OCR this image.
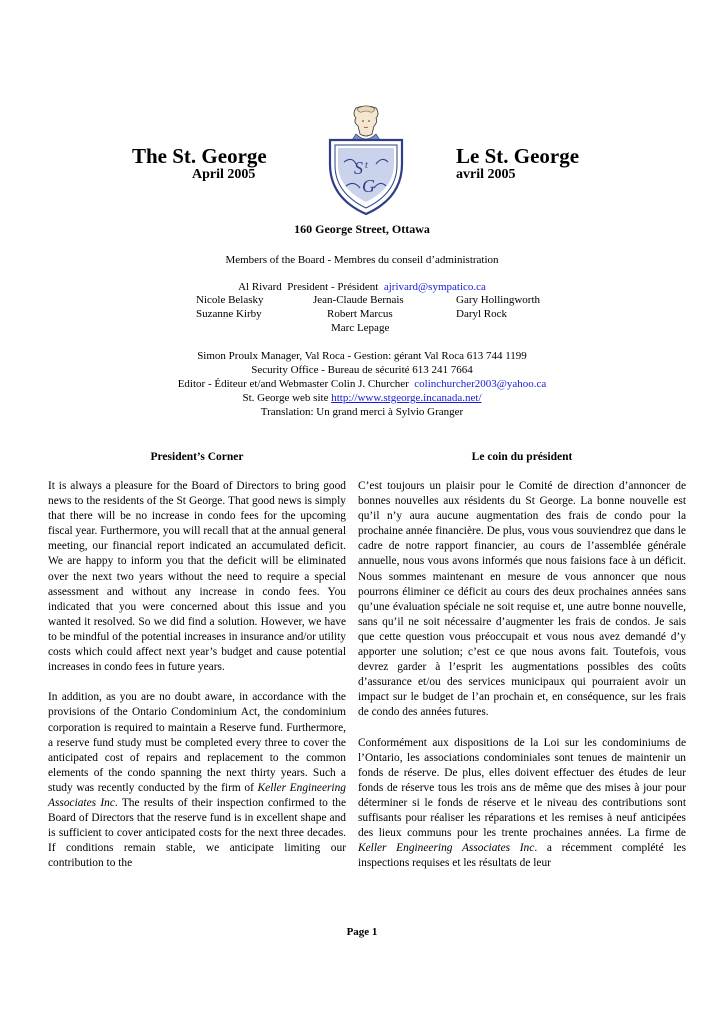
The St. George
April 2005
Le St. George
avril 2005
S t
G
160 George Street, Ottawa
Members of the Board - Membres du conseil d’administration
Al Rivard President - Président ajrivard@sympatico.ca
Nicole Belasky	Jean-Claude Bernais	Gary Hollingworth
Suzanne Kirby	Robert Marcus	Daryl Rock
Marc Lepage
Simon Proulx Manager, Val Roca - Gestion: gérant Val Roca 613 744 1199
Security Office - Bureau de sécurité 613 241 7664
Editor - Éditeur et/and Webmaster Colin J. Churcher colinchurcher2003@yahoo.ca
St. George web site http://www.stgeorge.incanada.net/
Translation: Un grand merci à Sylvio Granger
President’s Corner	Le coin du président

It is always a pleasure for the Board of Directors to bring good news to the residents of the St George. That good news is simply that there will be no increase in condo fees for the upcoming fiscal year. Furthermore, you will recall that at the annual general meeting, our financial report indicated an accumulated deficit. We are happy to inform you that the deficit will be eliminated over the next two years without the need to require a special assessment and without any increase in condo fees. You indicated that you were concerned about this issue and you wanted it resolved. So we did find a solution. However, we have to be mindful of the potential increases in insurance and/or utility costs which could affect next year’s budget and cause potential increases in condo fees in future years.

In addition, as you are no doubt aware, in accordance with the provisions of the Ontario Condominium Act, the condominium corporation is required to maintain a Reserve fund. Furthermore, a reserve fund study must be completed every three to cover the anticipated cost of repairs and replacement to the common elements of the condo spanning the next thirty years. Such a study was recently conducted by the firm of Keller Engineering Associates Inc. The results of their inspection confirmed to the Board of Directors that the reserve fund is in excellent shape and is sufficient to cover anticipated costs for the next three decades. If conditions remain stable, we anticipate limiting our contribution to the

C’est toujours un plaisir pour le Comité de direction d’annoncer de bonnes nouvelles aux résidents du St George. La bonne nouvelle est qu’il n’y aura aucune augmentation des frais de condo pour la prochaine année financière. De plus, vous vous souviendrez que dans le cadre de notre rapport financier, au cours de l’assemblée générale annuelle, nous vous avons informés que nous faisions face à un déficit. Nous sommes maintenant en mesure de vous annoncer que nous pourrons éliminer ce déficit au cours des deux prochaines années sans qu’une évaluation spéciale ne soit requise et, une autre bonne nouvelle, sans qu’il ne soit nécessaire d’augmenter les frais de condos. Je sais que cette question vous préoccupait et vous nous avez demandé d’y apporter une solution; c’est ce que nous avons fait. Toutefois, vous devrez garder à l’esprit les augmentations possibles des coûts d’assurance et/ou des services municipaux qui pourraient avoir un impact sur le budget de l’an prochain et, en conséquence, sur les frais de condo des années futures.

Conformément aux dispositions de la Loi sur les condominiums de l’Ontario, les associations condominiales sont tenues de maintenir un fonds de réserve. De plus, elles doivent effectuer des études de leur fonds de réserve tous les trois ans de même que des mises à jour pour déterminer si le fonds de réserve et le niveau des contributions sont suffisants pour réaliser les réparations et les remises à neuf anticipées des lieux communs pour les trente prochaines années. La firme de Keller Engineering Associates Inc. a récemment complété les inspections requises et les résultats de leur

Page 1
